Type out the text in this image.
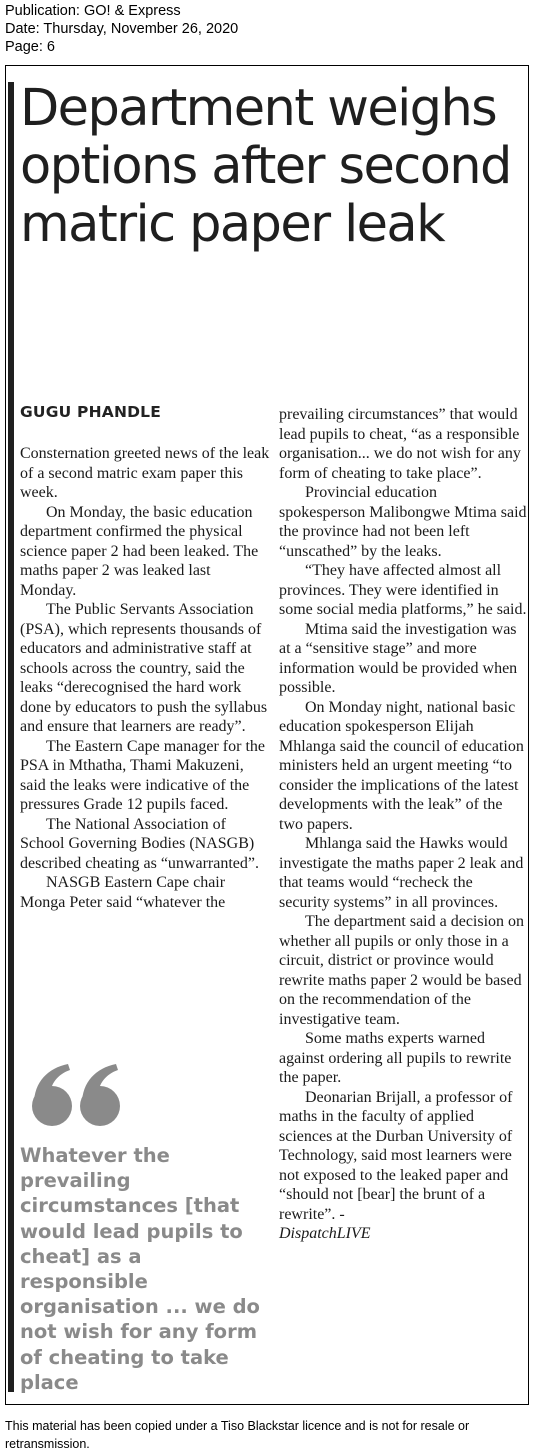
Publication: GO! & Express
Date: Thursday, November 26, 2020
Page: 6
Department weighs options after second matric paper leak
GUGU PHANDLE

Consternation greeted news of the leak of a second matric exam paper this week.

On Monday, the basic education department confirmed the physical science paper 2 had been leaked. The maths paper 2 was leaked last Monday.

The Public Servants Association (PSA), which represents thousands of educators and administrative staff at schools across the country, said the leaks “derecognised the hard work done by educators to push the syllabus and ensure that learners are ready”.

The Eastern Cape manager for the PSA in Mthatha, Thami Makuzeni, said the leaks were indicative of the pressures Grade 12 pupils faced.

The National Association of School Governing Bodies (NASGB) described cheating as “unwarranted”.

NASGB Eastern Cape chair Monga Peter said “whatever the

Whatever the prevailing circumstances [that would lead pupils to cheat] as a responsible organisation ... we do not wish for any form of cheating to take place

prevailing circumstances” that would lead pupils to cheat, “as a responsible organisation... we do not wish for any form of cheating to take place”.

Provincial education spokesperson Malibongwe Mtima said the province had not been left “unscathed” by the leaks.

“They have affected almost all provinces. They were identified in some social media platforms,” he said.

Mtima said the investigation was at a “sensitive stage” and more information would be provided when possible.

On Monday night, national basic education spokesperson Elijah Mhlanga said the council of education ministers held an urgent meeting “to consider the implications of the latest developments with the leak” of the two papers.

Mhlanga said the Hawks would investigate the maths paper 2 leak and that teams would “recheck the security systems” in all provinces.

The department said a decision on whether all pupils or only those in a circuit, district or province would rewrite maths paper 2 would be based on the recommendation of the investigative team.

Some maths experts warned against ordering all pupils to rewrite the paper.

Deonarian Brijall, a professor of maths in the faculty of applied sciences at the Durban University of Technology, said most learners were not exposed to the leaked paper and “should not [bear] the brunt of a rewrite”. -

DispatchLIVE

This material has been copied under a Tiso Blackstar licence and is not for resale or retransmission.
